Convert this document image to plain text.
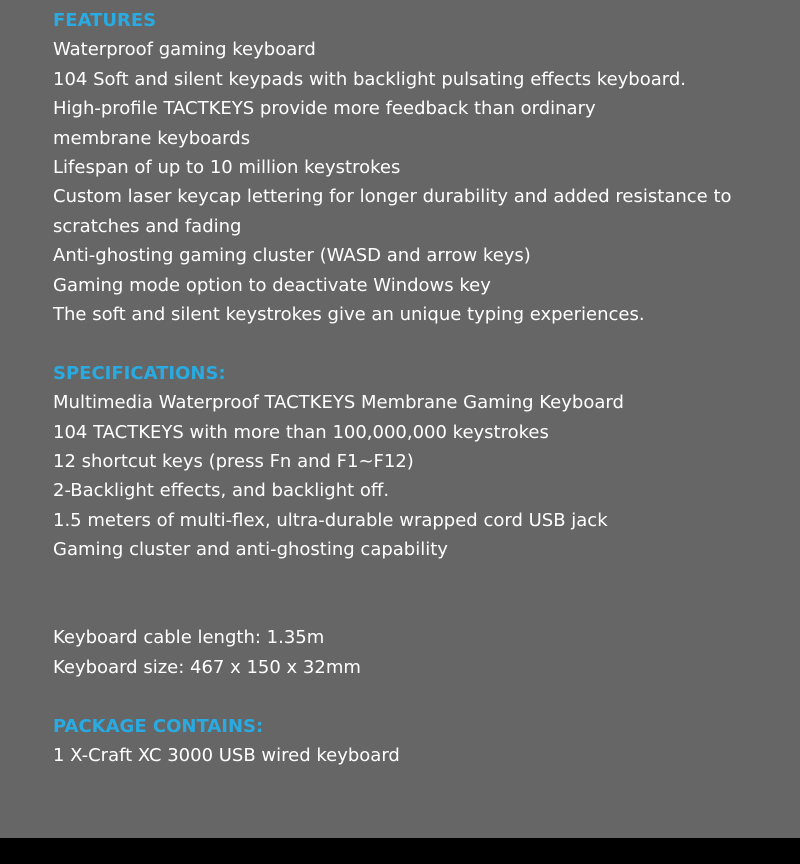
FEATURES
Waterproof gaming keyboard
104 Soft and silent keypads with backlight pulsating effects keyboard.
High-profile TACTKEYS provide more feedback than ordinary
membrane keyboards
Lifespan of up to 10 million keystrokes
Custom laser keycap lettering for longer durability and added resistance to
scratches and fading
Anti-ghosting gaming cluster (WASD and arrow keys)
Gaming mode option to deactivate Windows key
The soft and silent keystrokes give an unique typing experiences.
SPECIFICATIONS:
Multimedia Waterproof TACTKEYS Membrane Gaming Keyboard
104 TACTKEYS with more than 100,000,000 keystrokes
12 shortcut keys (press Fn and F1~F12)
2-Backlight effects, and backlight off.
1.5 meters of multi-flex, ultra-durable wrapped cord USB jack
Gaming cluster and anti-ghosting capability
Keyboard cable length: 1.35m
Keyboard size: 467 x 150 x 32mm
PACKAGE CONTAINS:
1 X-Craft XC 3000 USB wired keyboard
